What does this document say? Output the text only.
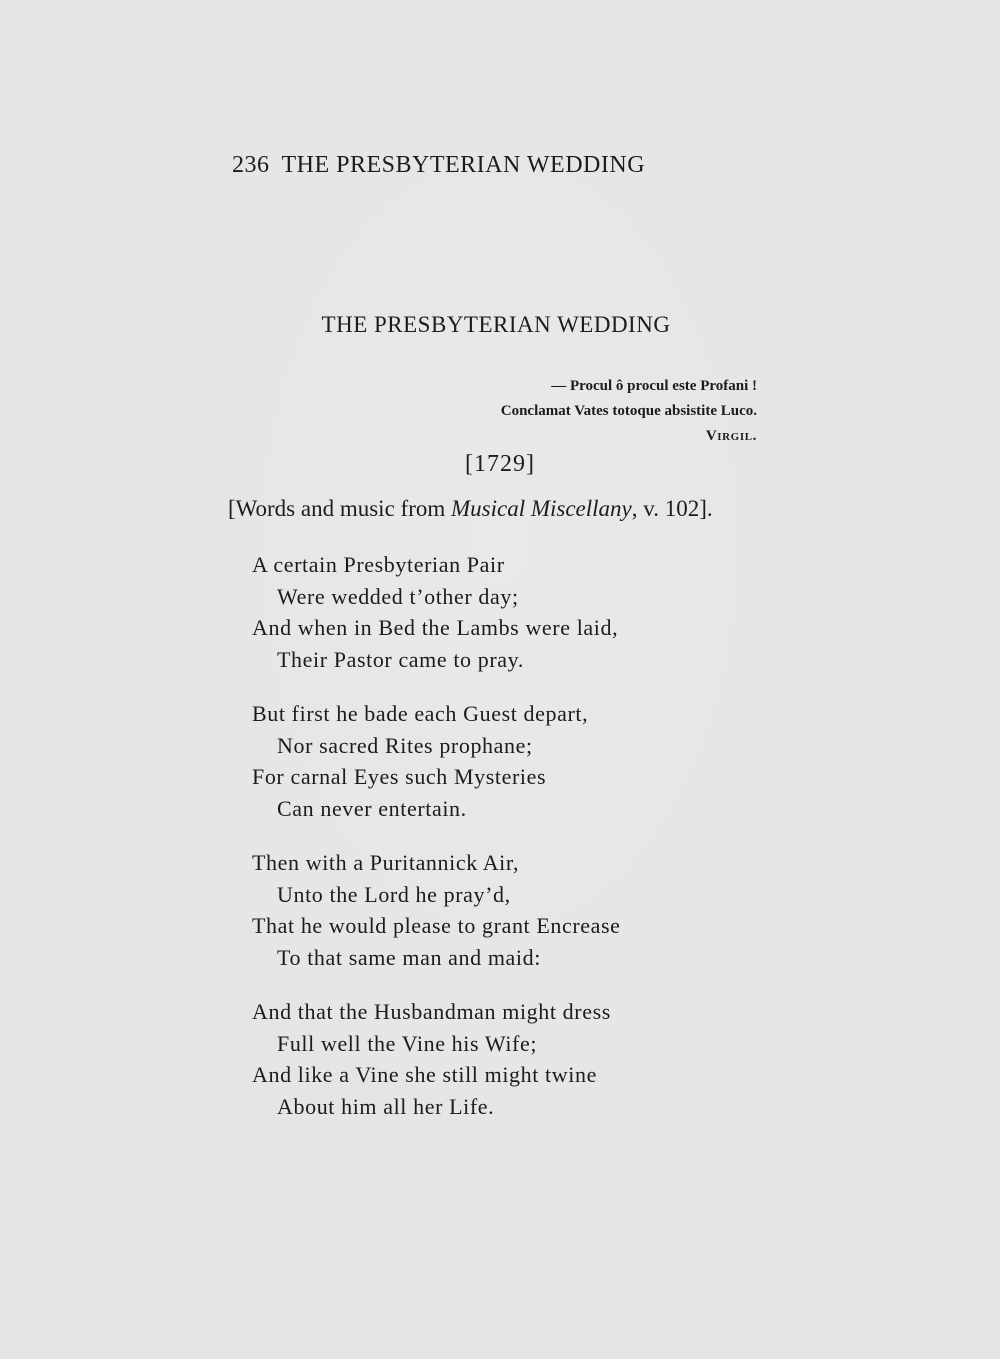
236 THE PRESBYTERIAN WEDDING
THE PRESBYTERIAN WEDDING
— Procul ô procul este Profani !
Conclamat Vates totoque absistite Luco.
Virgil.
[1729]
[Words and music from Musical Miscellany, v. 102].
A certain Presbyterian Pair
Were wedded t’other day;
And when in Bed the Lambs were laid,
Their Pastor came to pray.
But first he bade each Guest depart,
Nor sacred Rites prophane;
For carnal Eyes such Mysteries
Can never entertain.
Then with a Puritannick Air,
Unto the Lord he pray’d,
That he would please to grant Encrease
To that same man and maid:
And that the Husbandman might dress
Full well the Vine his Wife;
And like a Vine she still might twine
About him all her Life.
